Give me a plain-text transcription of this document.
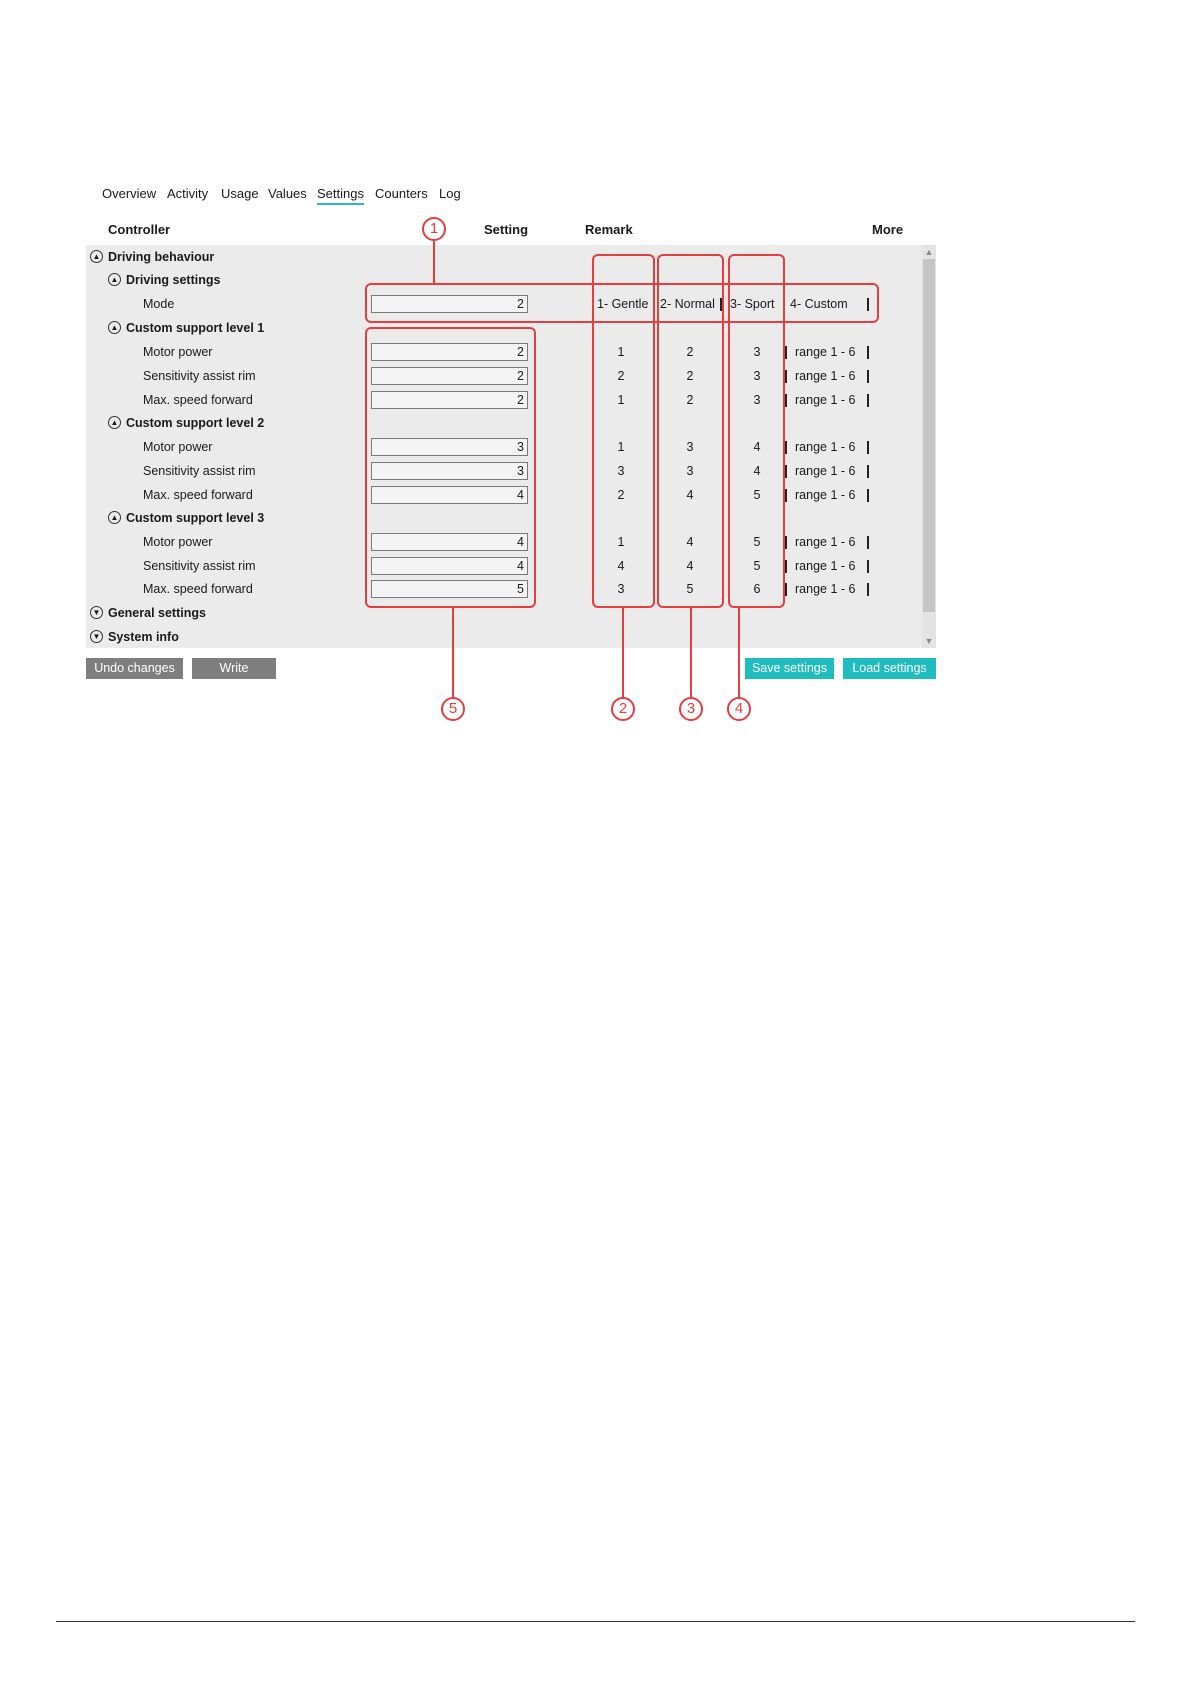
Overview Activity Usage Values Settings Counters Log
Controller	Setting	Remark	More
▲
▼
▲ Driving behaviour
▲ Driving settings
Mode
2	1- Gentle 2- Normal 3- Sport 4- Custom
▲ Custom support level 1
Motor power
2	1	2	3	range 1 - 6
Sensitivity assist rim
2	2	2	3	range 1 - 6
Max. speed forward
2	1	2	3	range 1 - 6
▲ Custom support level 2
Motor power
3	1	3	4	range 1 - 6
Sensitivity assist rim
3	3	3	4	range 1 - 6
Max. speed forward
4	2	4	5	range 1 - 6
▲ Custom support level 3
Motor power
4	1	4	5	range 1 - 6
Sensitivity assist rim
4	4	4	5	range 1 - 6
Max. speed forward
5	3	5	6	range 1 - 6
▼ General settings
▼ System info
Undo changes	Write	Save settings	Load settings
1
2	3	4
5
